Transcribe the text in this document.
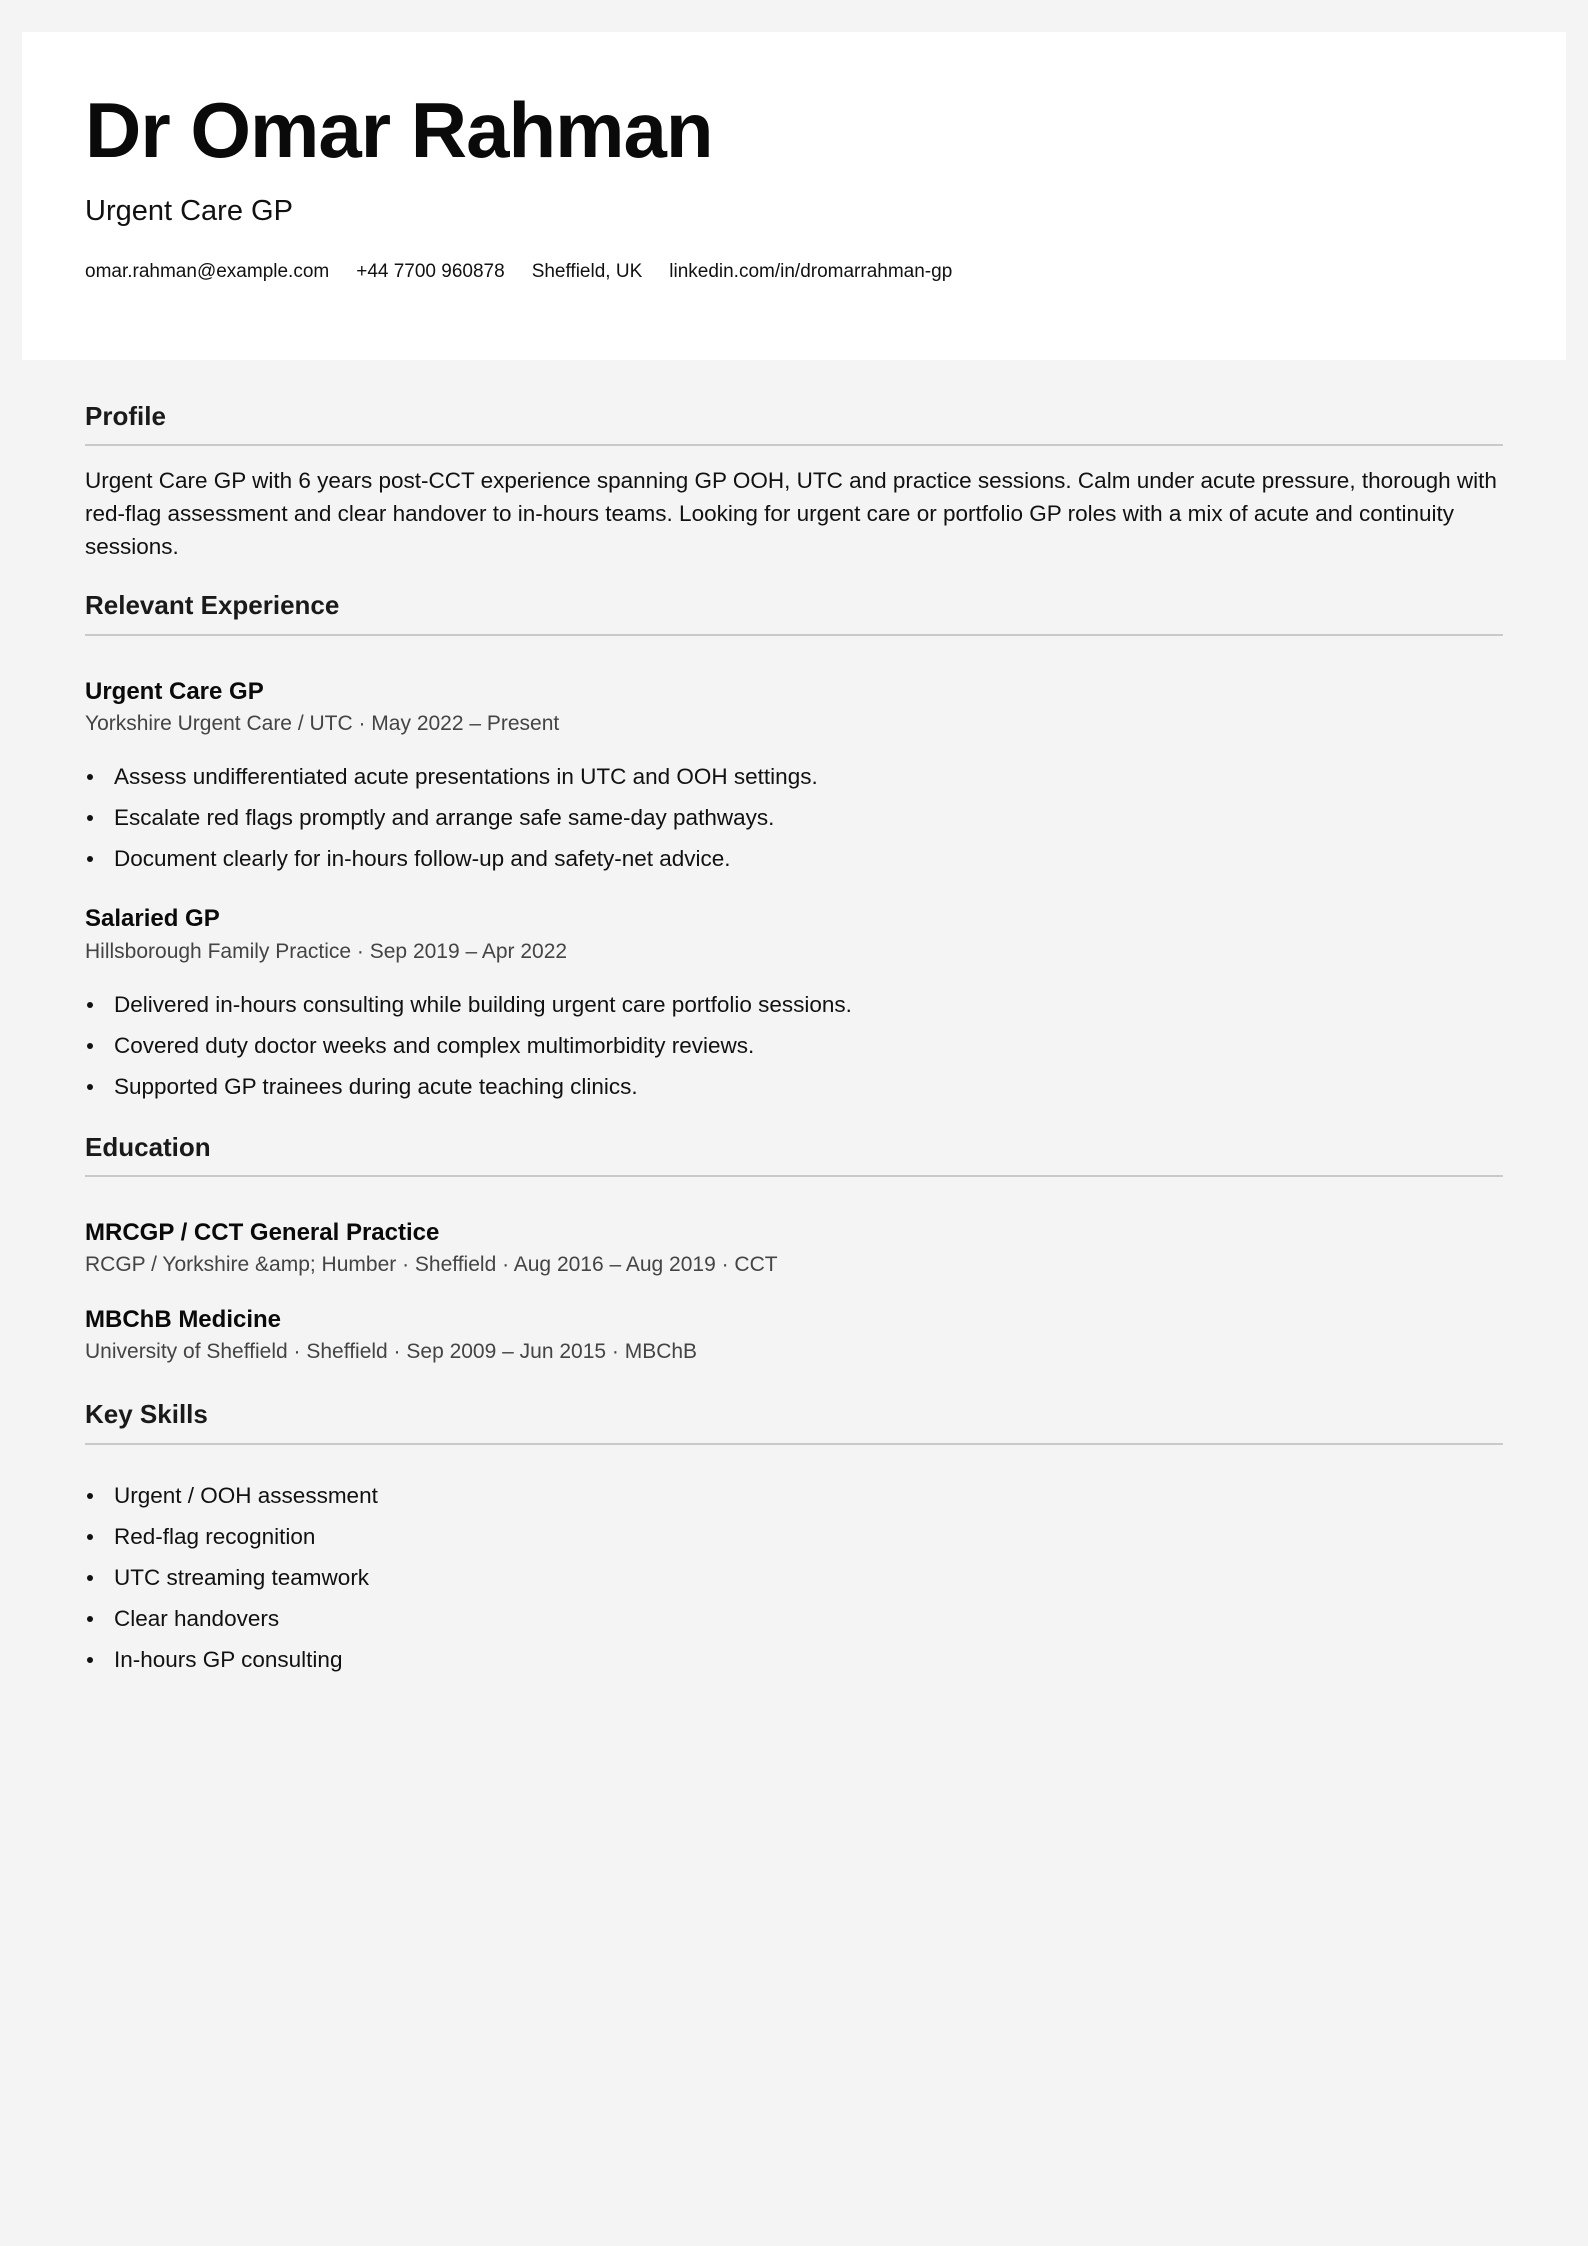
Dr Omar Rahman
Urgent Care GP
omar.rahman@example.com +44 7700 960878 Sheffield, UK linkedin.com/in/dromarrahman-gp
Profile

Urgent Care GP with 6 years post-CCT experience spanning GP OOH, UTC and practice sessions. Calm under acute pressure, thorough with red-flag assessment and clear handover to in-hours teams. Looking for urgent care or portfolio GP roles with a mix of acute and continuity sessions.

Relevant Experience
Urgent Care GP
Yorkshire Urgent Care / UTC · May 2022 – Present
Assess undifferentiated acute presentations in UTC and OOH settings.
Escalate red flags promptly and arrange safe same-day pathways.
Document clearly for in-hours follow-up and safety-net advice.
Salaried GP
Hillsborough Family Practice · Sep 2019 – Apr 2022
Delivered in-hours consulting while building urgent care portfolio sessions.
Covered duty doctor weeks and complex multimorbidity reviews.
Supported GP trainees during acute teaching clinics.
Education
MRCGP / CCT General Practice
RCGP / Yorkshire &amp; Humber · Sheffield · Aug 2016 – Aug 2019 · CCT
MBChB Medicine
University of Sheffield · Sheffield · Sep 2009 – Jun 2015 · MBChB
Key Skills
Urgent / OOH assessment
Red-flag recognition
UTC streaming teamwork
Clear handovers
In-hours GP consulting
